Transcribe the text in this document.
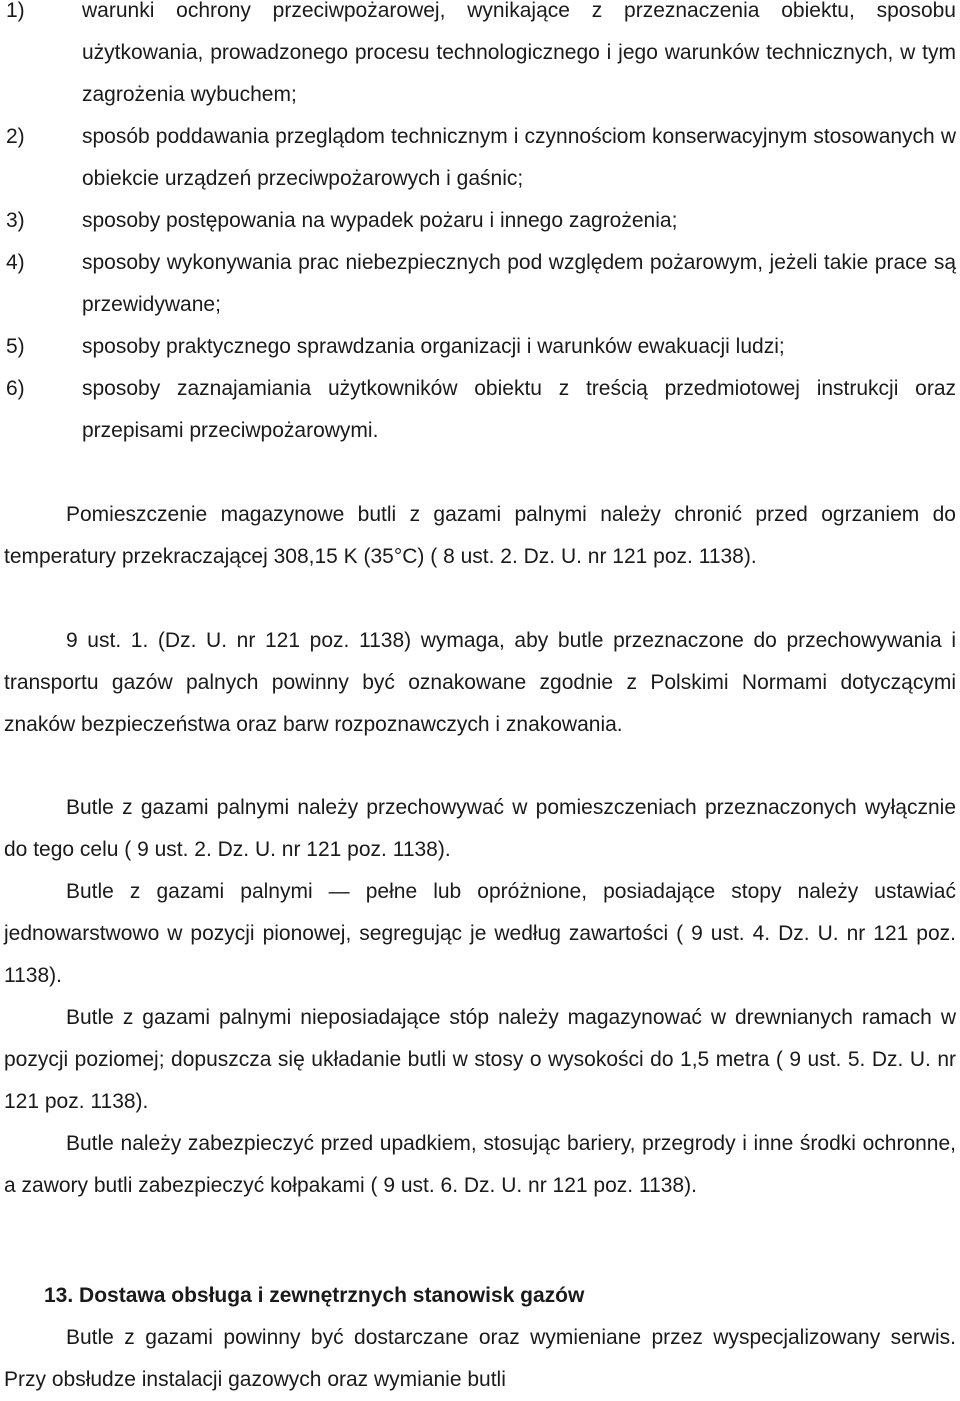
1)	warunki ochrony przeciwpożarowej, wynikające z przeznaczenia obiektu, sposobu użytkowania, prowadzonego procesu technologicznego i jego warunków technicznych, w tym zagrożenia wybuchem;
2)	sposób poddawania przeglądom technicznym i czynnościom konserwacyjnym stosowanych w obiekcie urządzeń przeciwpożarowych i gaśnic;
3)	sposoby postępowania na wypadek pożaru i innego zagrożenia;
4)	sposoby wykonywania prac niebezpiecznych pod względem pożarowym, jeżeli takie prace są przewidywane;
5)	sposoby praktycznego sprawdzania organizacji i warunków ewakuacji ludzi;
6)	sposoby zaznajamiania użytkowników obiektu z treścią przedmiotowej instrukcji oraz przepisami przeciwpożarowymi.
Pomieszczenie magazynowe butli z gazami palnymi należy chronić przed ogrzaniem do temperatury przekraczającej 308,15 K (35°C) ( 8 ust. 2. Dz. U. nr 121 poz. 1138).
9 ust. 1. (Dz. U. nr 121 poz. 1138) wymaga, aby butle przeznaczone do przechowywania i transportu gazów palnych powinny być oznakowane zgodnie z Polskimi Normami dotyczącymi znaków bezpieczeństwa oraz barw rozpoznawczych i znakowania.
Butle z gazami palnymi należy przechowywać w pomieszczeniach przeznaczonych wyłącznie do tego celu ( 9 ust. 2. Dz. U. nr 121 poz. 1138).
Butle z gazami palnymi — pełne lub opróżnione, posiadające stopy należy ustawiać jednowarstwowo w pozycji pionowej, segregując je według zawartości ( 9 ust. 4. Dz. U. nr 121 poz. 1138).
Butle z gazami palnymi nieposiadające stóp należy magazynować w drewnianych ramach w pozycji poziomej; dopuszcza się układanie butli w stosy o wysokości do 1,5 metra ( 9 ust. 5. Dz. U. nr 121 poz. 1138).
Butle należy zabezpieczyć przed upadkiem, stosując bariery, przegrody i inne środki ochronne, a zawory butli zabezpieczyć kołpakami ( 9 ust. 6. Dz. U. nr 121 poz. 1138).
13. Dostawa obsługa i zewnętrznych stanowisk gazów
Butle z gazami powinny być dostarczane oraz wymieniane przez wyspecjalizowany serwis. Przy obsłudze instalacji gazowych oraz wymianie butli
